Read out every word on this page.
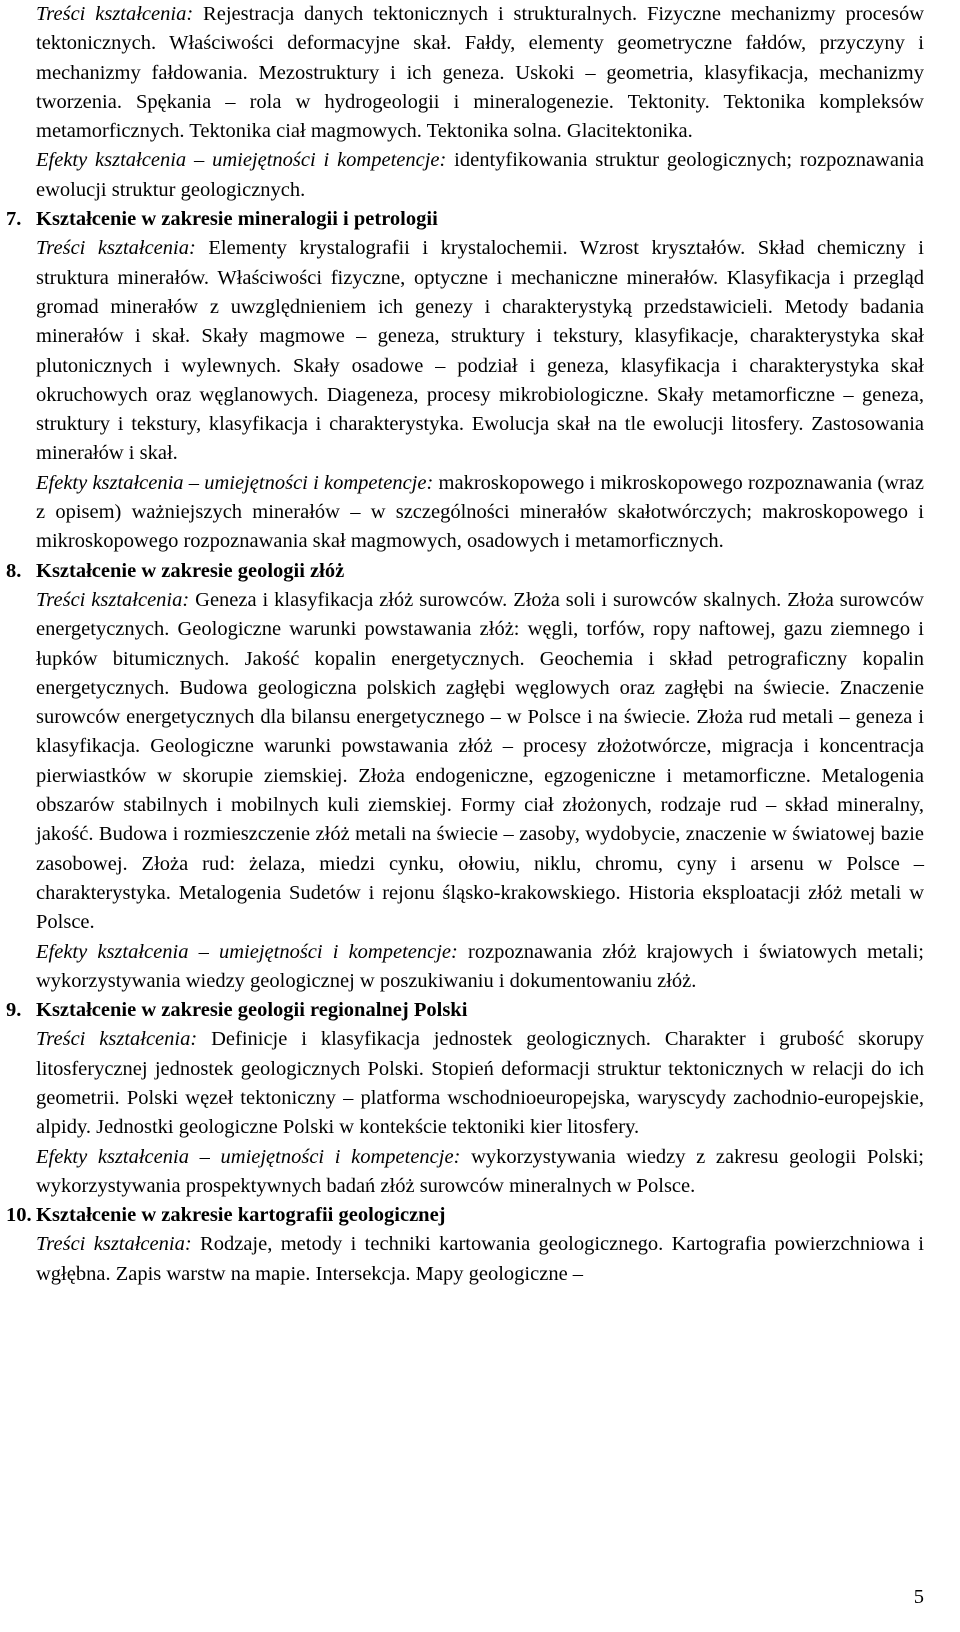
Treści kształcenia: Rejestracja danych tektonicznych i strukturalnych. Fizyczne mechanizmy procesów tektonicznych. Właściwości deformacyjne skał. Fałdy, elementy geometryczne fałdów, przyczyny i mechanizmy fałdowania. Mezostruktury i ich geneza. Uskoki – geometria, klasyfikacja, mechanizmy tworzenia. Spękania – rola w hydrogeologii i mineralogenezie. Tektonity. Tektonika kompleksów metamorficznych. Tektonika ciał magmowych. Tektonika solna. Glacitektonika.

Efekty kształcenia – umiejętności i kompetencje: identyfikowania struktur geologicznych; rozpoznawania ewolucji struktur geologicznych.

7. Kształcenie w zakresie mineralogii i petrologii

Treści kształcenia: Elementy krystalografii i krystalochemii. Wzrost kryształów. Skład chemiczny i struktura minerałów. Właściwości fizyczne, optyczne i mechaniczne minerałów. Klasyfikacja i przegląd gromad minerałów z uwzględnieniem ich genezy i charakterystyką przedstawicieli. Metody badania minerałów i skał. Skały magmowe – geneza, struktury i tekstury, klasyfikacje, charakterystyka skał plutonicznych i wylewnych. Skały osadowe – podział i geneza, klasyfikacja i charakterystyka skał okruchowych oraz węglanowych. Diageneza, procesy mikrobiologiczne. Skały metamorficzne – geneza, struktury i tekstury, klasyfikacja i charakterystyka. Ewolucja skał na tle ewolucji litosfery. Zastosowania minerałów i skał.

Efekty kształcenia – umiejętności i kompetencje: makroskopowego i mikroskopowego rozpoznawania (wraz z opisem) ważniejszych minerałów – w szczególności minerałów skałotwórczych; makroskopowego i mikroskopowego rozpoznawania skał magmowych, osadowych i metamorficznych.

8. Kształcenie w zakresie geologii złóż

Treści kształcenia: Geneza i klasyfikacja złóż surowców. Złoża soli i surowców skalnych. Złoża surowców energetycznych. Geologiczne warunki powstawania złóż: węgli, torfów, ropy naftowej, gazu ziemnego i łupków bitumicznych. Jakość kopalin energetycznych. Geochemia i skład petrograficzny kopalin energetycznych. Budowa geologiczna polskich zagłębi węglowych oraz zagłębi na świecie. Znaczenie surowców energetycznych dla bilansu energetycznego – w Polsce i na świecie. Złoża rud metali – geneza i klasyfikacja. Geologiczne warunki powstawania złóż – procesy złożotwórcze, migracja i koncentracja pierwiastków w skorupie ziemskiej. Złoża endogeniczne, egzogeniczne i metamorficzne. Metalogenia obszarów stabilnych i mobilnych kuli ziemskiej. Formy ciał złożonych, rodzaje rud – skład mineralny, jakość. Budowa i rozmieszczenie złóż metali na świecie – zasoby, wydobycie, znaczenie w światowej bazie zasobowej. Złoża rud: żelaza, miedzi cynku, ołowiu, niklu, chromu, cyny i arsenu w Polsce – charakterystyka. Metalogenia Sudetów i rejonu śląsko-krakowskiego. Historia eksploatacji złóż metali w Polsce.

Efekty kształcenia – umiejętności i kompetencje: rozpoznawania złóż krajowych i światowych metali; wykorzystywania wiedzy geologicznej w poszukiwaniu i dokumentowaniu złóż.

9. Kształcenie w zakresie geologii regionalnej Polski

Treści kształcenia: Definicje i klasyfikacja jednostek geologicznych. Charakter i grubość skorupy litosferycznej jednostek geologicznych Polski. Stopień deformacji struktur tektonicznych w relacji do ich geometrii. Polski węzeł tektoniczny – platforma wschodnioeuropejska, waryscydy zachodnio-europejskie, alpidy. Jednostki geologiczne Polski w kontekście tektoniki kier litosfery.

Efekty kształcenia – umiejętności i kompetencje: wykorzystywania wiedzy z zakresu geologii Polski; wykorzystywania prospektywnych badań złóż surowców mineralnych w Polsce.

10. Kształcenie w zakresie kartografii geologicznej

Treści kształcenia: Rodzaje, metody i techniki kartowania geologicznego. Kartografia powierzchniowa i wgłębna. Zapis warstw na mapie. Intersekcja. Mapy geologiczne –

5
